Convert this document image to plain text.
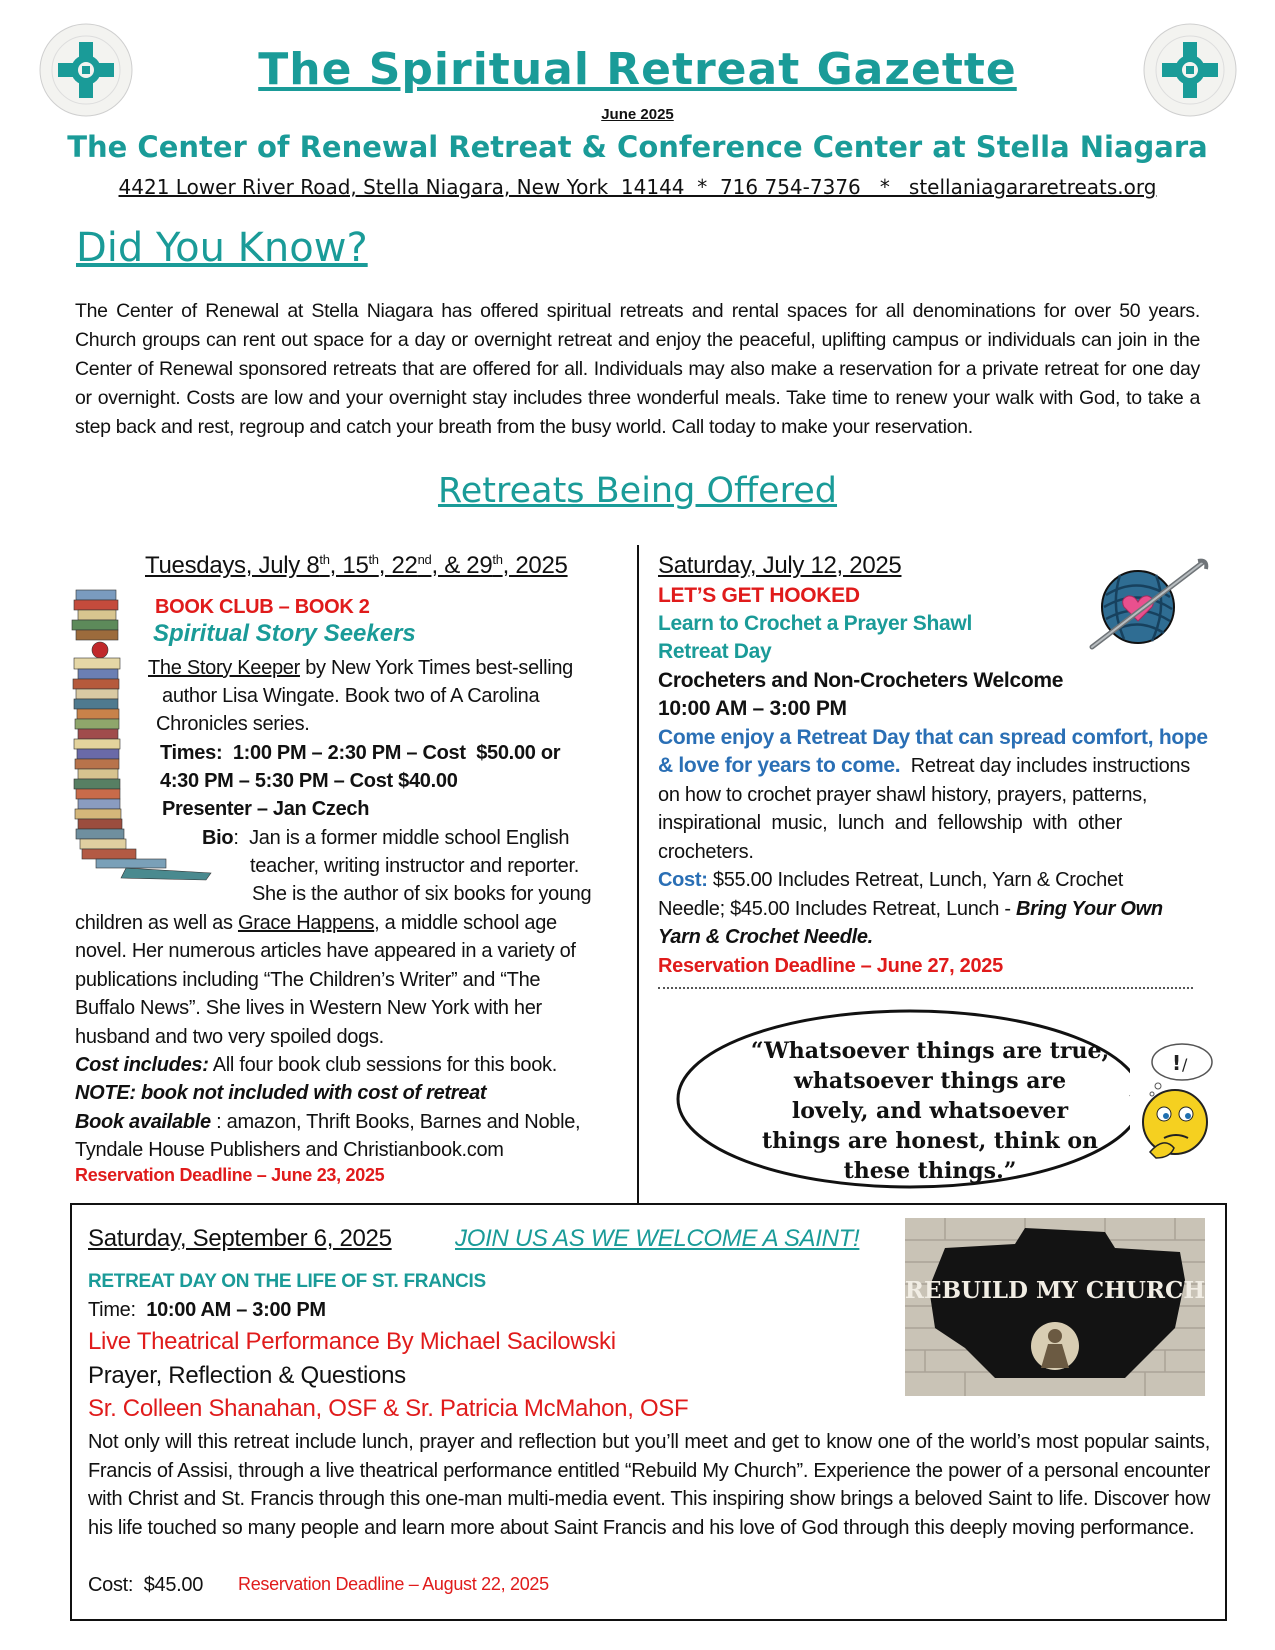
The Spiritual Retreat Gazette
June 2025
The Center of Renewal Retreat & Conference Center at Stella Niagara
4421 Lower River Road, Stella Niagara, New York  14144  *  716 754-7376   *   stellaniagararetreats.org
Did You Know?
The Center of Renewal at Stella Niagara has offered spiritual retreats and rental spaces for all denominations for over 50 years. Church groups can rent out space for a day or overnight retreat and enjoy the peaceful, uplifting campus or individuals can join in the Center of Renewal sponsored retreats that are offered for all. Individuals may also make a reservation for a private retreat for one day or overnight. Costs are low and your overnight stay includes three wonderful meals. Take time to renew your walk with God, to take a step back and rest, regroup and catch your breath from the busy world. Call today to make your reservation.
Retreats Being Offered
Tuesdays, July 8th, 15th, 22nd, & 29th, 2025
BOOK CLUB – BOOK 2
Spiritual Story Seekers
The Story Keeper by New York Times best-selling
author Lisa Wingate. Book two of A Carolina
Chronicles series.
Times:  1:00 PM – 2:30 PM – Cost  $50.00 or
4:30 PM – 5:30 PM – Cost $40.00
Presenter – Jan Czech
Bio:  Jan is a former middle school English
teacher, writing instructor and reporter.
She is the author of six books for young
children as well as Grace Happens, a middle school age
novel. Her numerous articles have appeared in a variety of
publications including “The Children’s Writer” and “The
Buffalo News”. She lives in Western New York with her
husband and two very spoiled dogs.
Cost includes: All four book club sessions for this book.
NOTE: book not included with cost of retreat
Book available : amazon, Thrift Books, Barnes and Noble,
Tyndale House Publishers and Christianbook.com
Reservation Deadline – June 23, 2025
Saturday, July 12, 2025
LET’S GET HOOKED
Learn to Crochet a Prayer Shawl
Retreat Day
Crocheters and Non-Crocheters Welcome
10:00 AM – 3:00 PM
Come enjoy a Retreat Day that can spread comfort, hope
& love for years to come.  Retreat day includes instructions
on how to crochet prayer shawl history, prayers, patterns,
inspirational  music,  lunch  and  fellowship  with  other
crocheters.
Cost: $55.00 Includes Retreat, Lunch, Yarn & Crochet
Needle; $45.00 Includes Retreat, Lunch - Bring Your Own
Yarn & Crochet Needle.
Reservation Deadline – June 27, 2025
“Whatsoever things are true,
whatsoever things are
lovely, and whatsoever
things are honest, think on
these things.”
! /
Saturday, September 6, 2025	JOIN US AS WE WELCOME A SAINT!
REBUILD MY CHURCH
RETREAT DAY ON THE LIFE OF ST. FRANCIS
Time:  10:00 AM – 3:00 PM
Live Theatrical Performance By Michael Sacilowski
Prayer, Reflection & Questions
Sr. Colleen Shanahan, OSF & Sr. Patricia McMahon, OSF
Not only will this retreat include lunch, prayer and reflection but you’ll meet and get to know one of the world’s most popular saints, Francis of Assisi, through a live theatrical performance entitled “Rebuild My Church”. Experience the power of a personal encounter with Christ and St. Francis through this one-man multi-media event. This inspiring show brings a beloved Saint to life. Discover how his life touched so many people and learn more about Saint Francis and his love of God through this deeply moving performance.
Cost:  $45.00 Reservation Deadline – August 22, 2025
